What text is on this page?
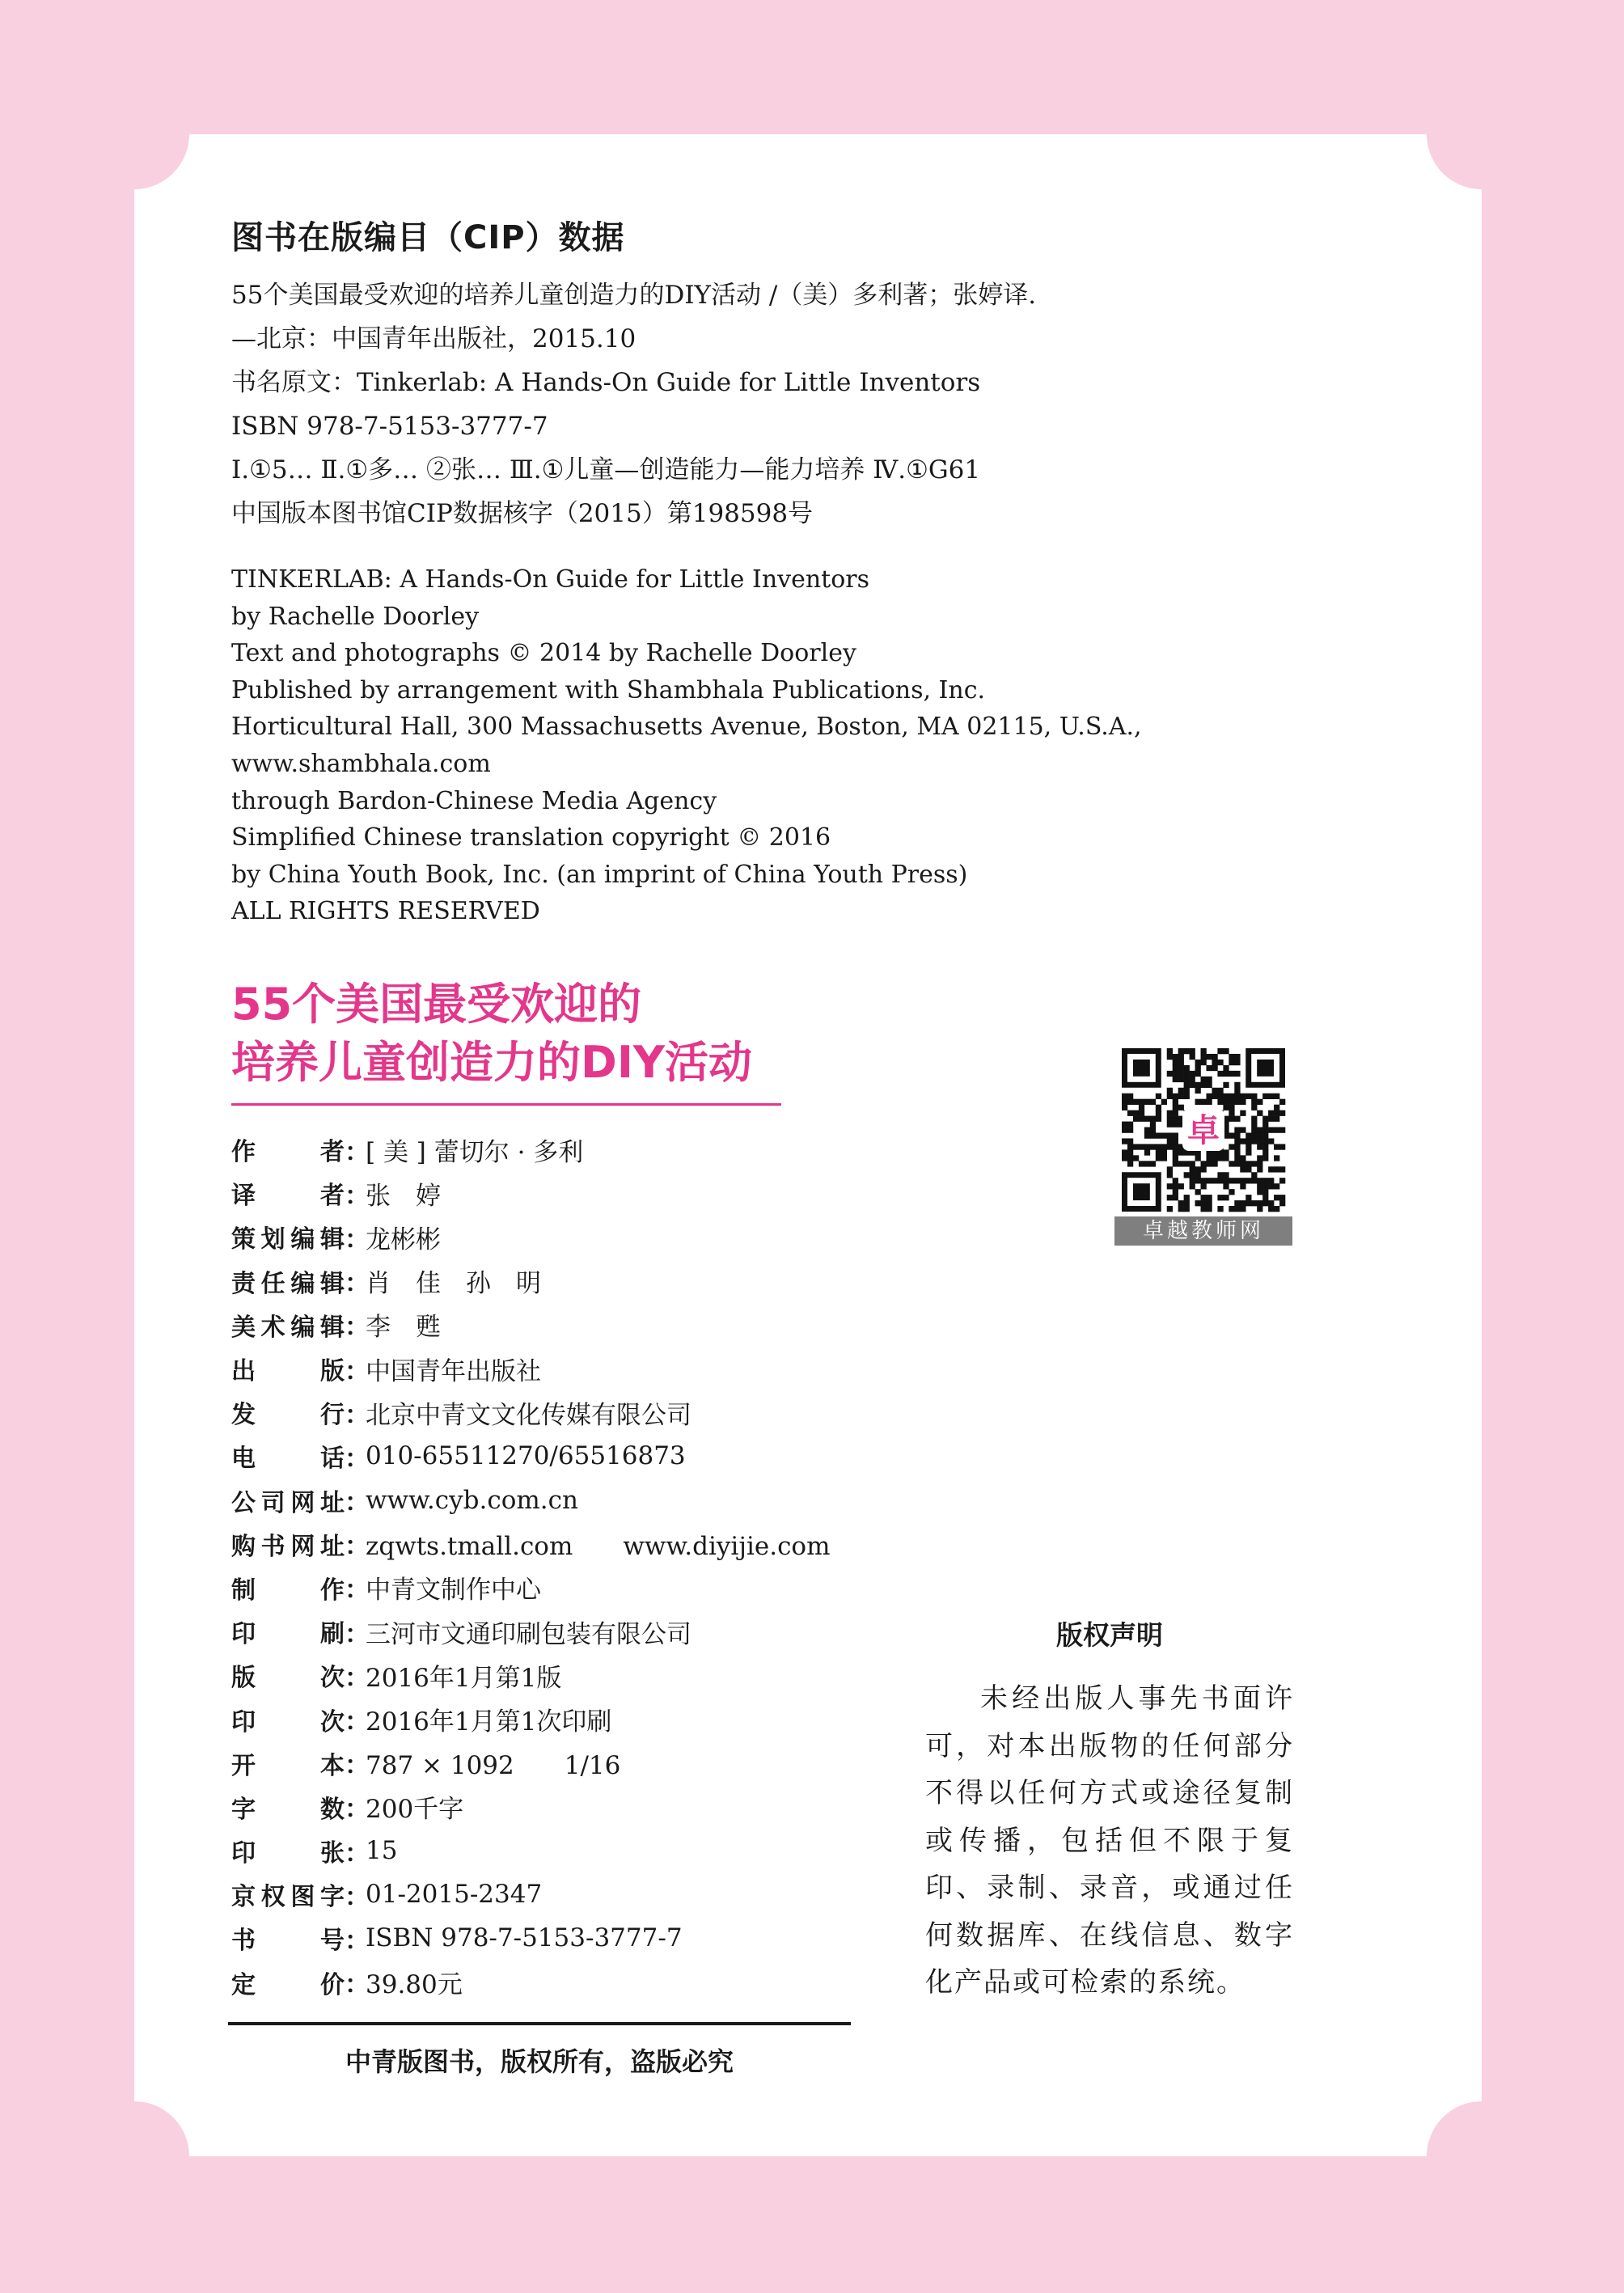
图书在版编目（CIP）数据
55个美国最受欢迎的培养儿童创造力的DIY活动 /（美）多利著；张婷译.
—北京：中国青年出版社，2015.10
书名原文：Tinkerlab: A Hands-On Guide for Little Inventors
ISBN 978-7-5153-3777-7
Ⅰ.①5… Ⅱ.①多… ②张… Ⅲ.①儿童—创造能力—能力培养 Ⅳ.①G61
中国版本图书馆CIP数据核字（2015）第198598号
TINKERLAB: A Hands-On Guide for Little Inventors
by Rachelle Doorley
Text and photographs © 2014 by Rachelle Doorley
Published by arrangement with Shambhala Publications, Inc.
Horticultural Hall, 300 Massachusetts Avenue, Boston, MA 02115, U.S.A.,
www.shambhala.com
through Bardon-Chinese Media Agency
Simplified Chinese translation copyright © 2016
by China Youth Book, Inc. (an imprint of China Youth Press)
ALL RIGHTS RESERVED
55个美国最受欢迎的
培养儿童创造力的DIY活动
卓
卓越教师网
作	者 ：
[ 美 ] 蕾切尔 · 多利
译	者 ：
张　婷
策 划 编 辑 ：
龙彬彬
责 任 编 辑 ：
肖　佳　孙　明
美 术 编 辑 ：
李　甦
出	版 ：
中国青年出版社
发	行 ：
北京中青文文化传媒有限公司
电	话 ：
010-65511270/65516873
公 司 网 址 ：
www.cyb.com.cn
购 书 网 址 ：
zqwts.tmall.com　　www.diyijie.com
制	作 ：
中青文制作中心
印	刷 ：
三河市文通印刷包装有限公司
版	次 ：
2016年1月第1版
印	次 ：
2016年1月第1次印刷
开	本 ：
787 × 1092　　1/16
字	数 ：
200千字
印	张 ：
15
京 权 图 字 ：
01-2015-2347
书	号 ：
ISBN 978-7-5153-3777-7
定	价 ：
39.80元
中青版图书，版权所有，盗版必究
版权声明
未经出版人事先书面许可，对本出版物的任何部分不得以任何方式或途径复制或传播，包括但不限于复印、录制、录音，或通过任何数据库、在线信息、数字化产品或可检索的系统。
